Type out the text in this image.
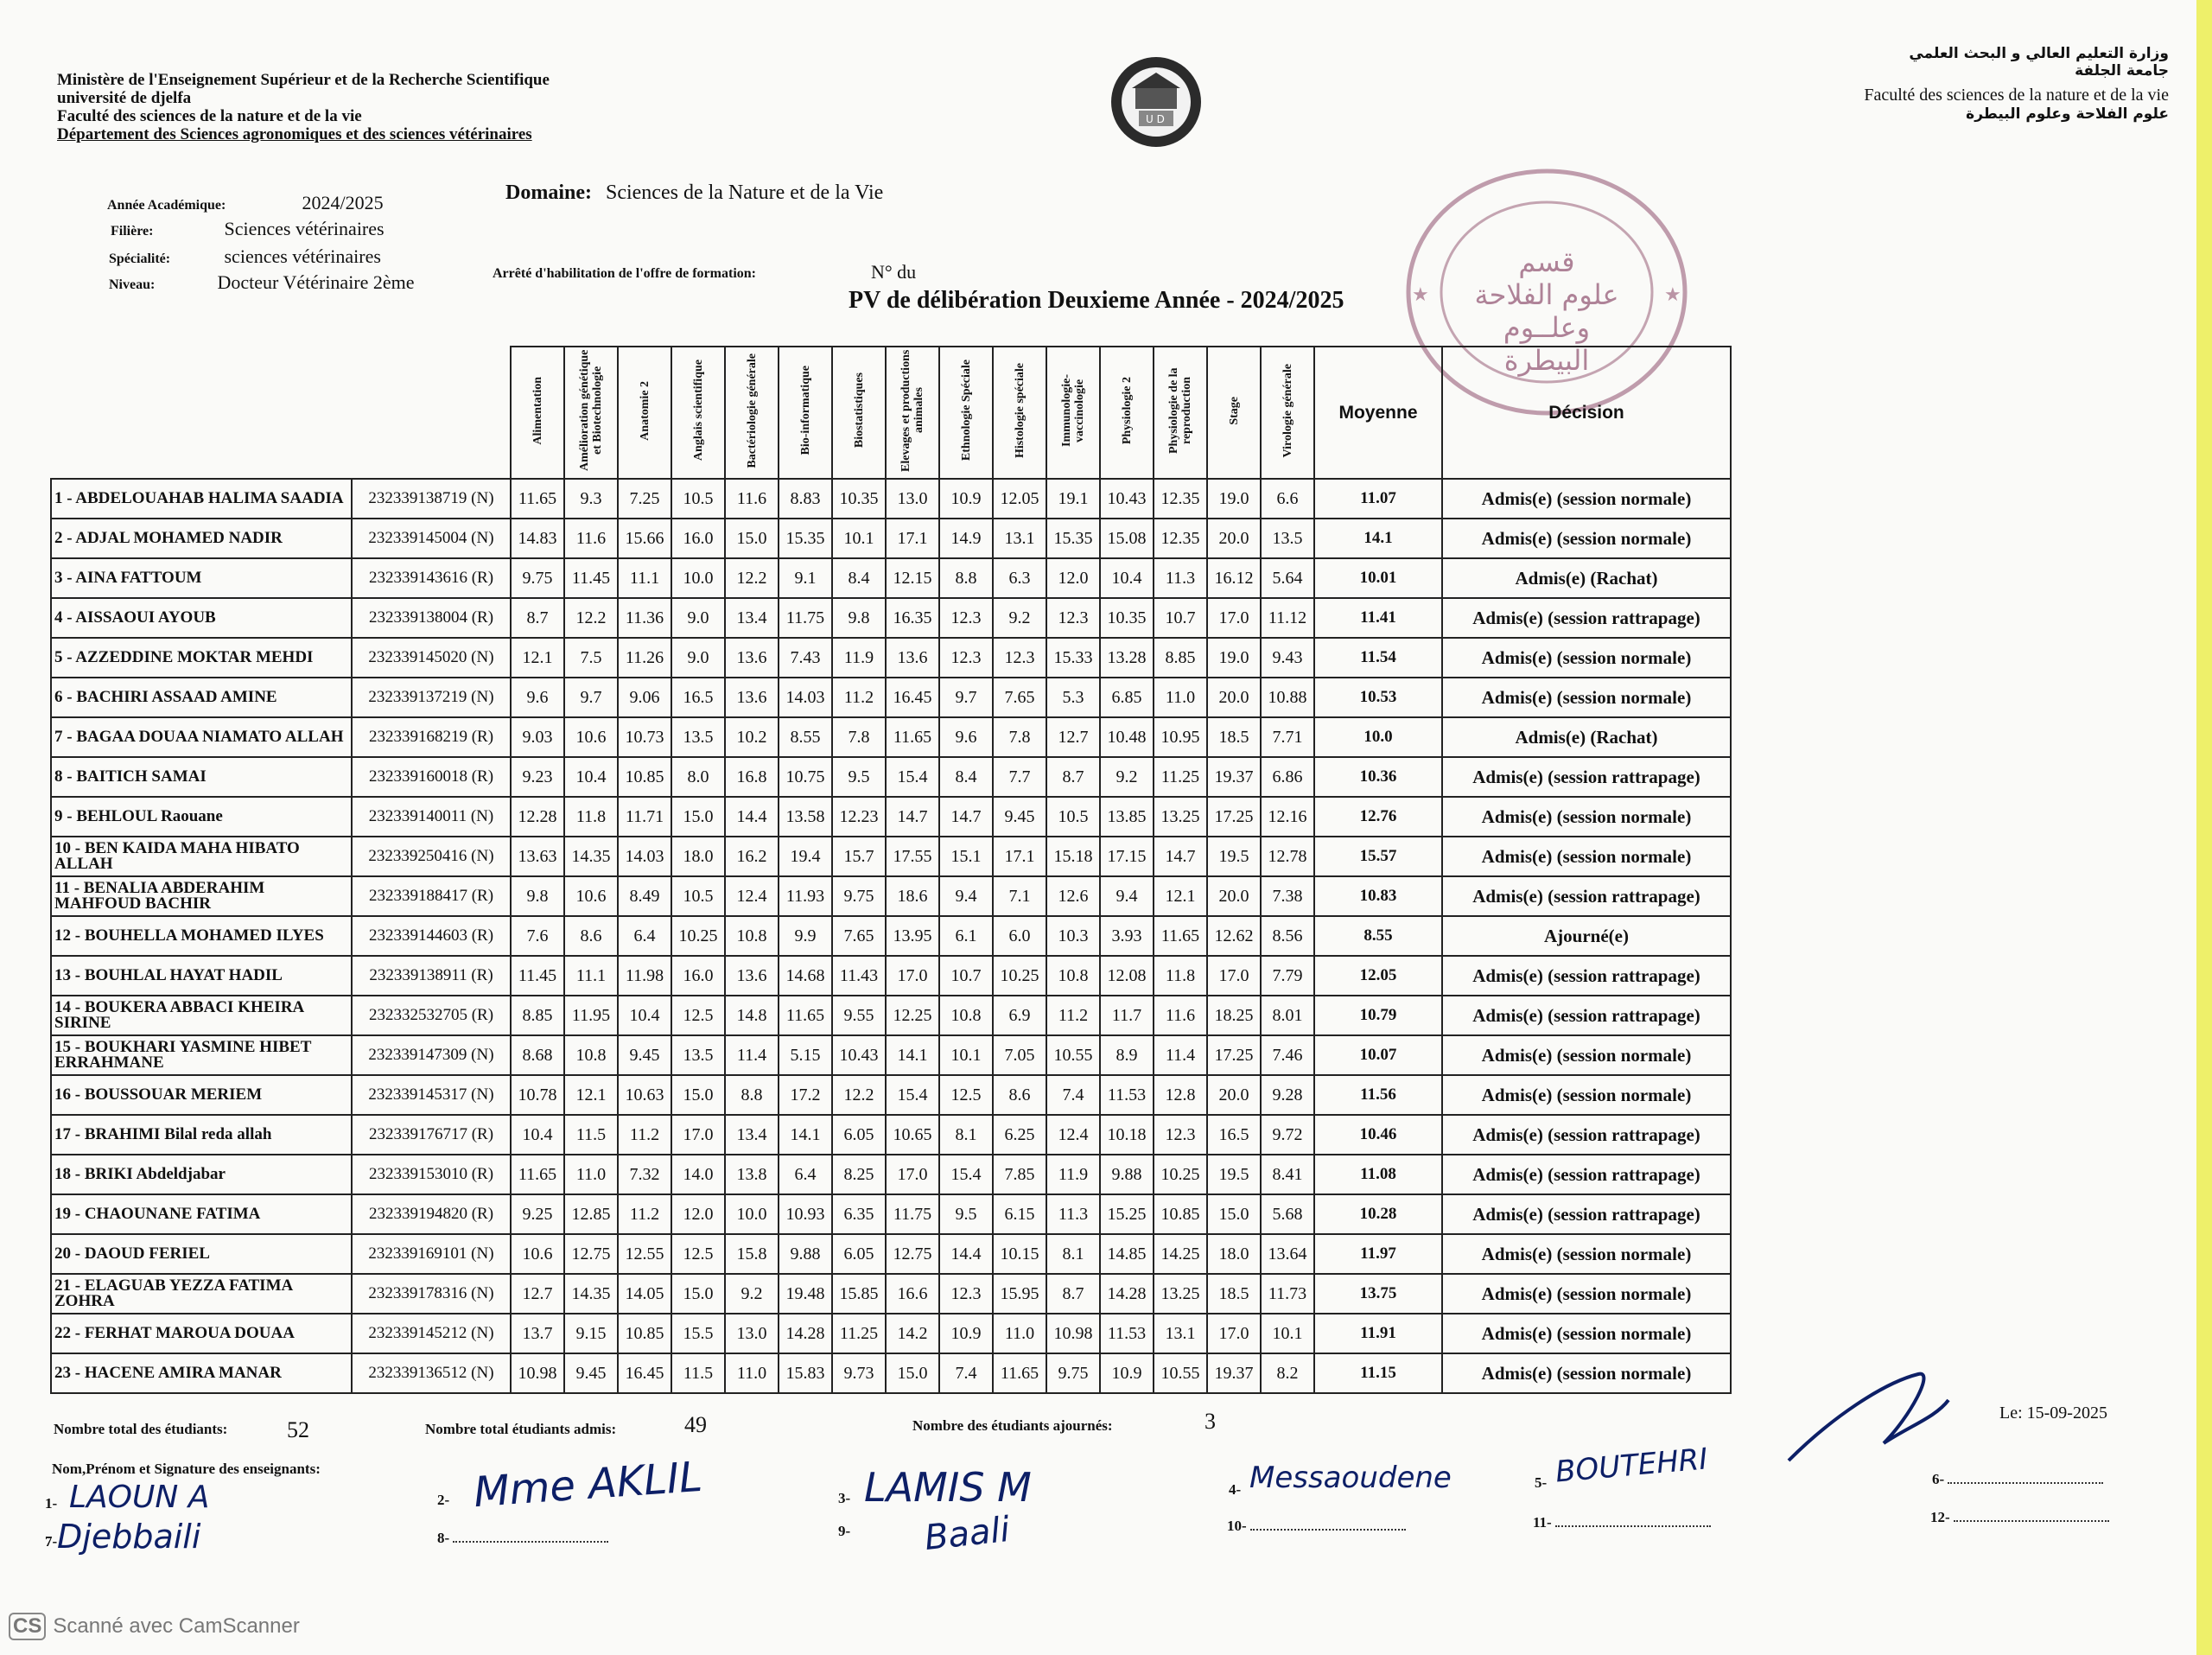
Ministère de l'Enseignement Supérieur et de la Recherche Scientifique
université de djelfa
Faculté des sciences de la nature et de la vie
Département des Sciences agronomiques et des sciences vétérinaires
U D
وزارة التعليم العالي و البحث العلمي
جامعة الجلفة
Faculté des sciences de la nature et de la vie
علوم الفلاحة وعلوم البيطرة
Année Académique:	2024/2025
Filière:	Sciences vétérinaires
Spécialité:	sciences vétérinaires
Niveau:	Docteur Vétérinaire 2ème
Domaine: Sciences de la Nature et de la Vie
Arrêté d'habilitation de l'offre de formation:	N° du
PV de délibération Deuxieme Année - 2024/2025	★	★
قسم
علوم الفلاحة
وعلــوم
البيطرة
		Alimentation	Amélioration génétique et Biotechnologie	Anatomie 2	Anglais scientifique	Bactériologie générale	Bio-informatique	Biostatistiques	Elevages et productions animales	Ethnologie Spéciale	Histologie spéciale	Immunologie-vaccinologie	Physiologie 2	Physiologie de la reproduction	Stage	Virologie générale	Moyenne	Décision
1 - ABDELOUAHAB HALIMA SAADIA	232339138719 (N)	11.65	9.3	7.25	10.5	11.6	8.83	10.35	13.0	10.9	12.05	19.1	10.43	12.35	19.0	6.6	11.07	Admis(e) (session normale)
2 - ADJAL MOHAMED NADIR	232339145004 (N)	14.83	11.6	15.66	16.0	15.0	15.35	10.1	17.1	14.9	13.1	15.35	15.08	12.35	20.0	13.5	14.1	Admis(e) (session normale)
3 - AINA FATTOUM	232339143616 (R)	9.75	11.45	11.1	10.0	12.2	9.1	8.4	12.15	8.8	6.3	12.0	10.4	11.3	16.12	5.64	10.01	Admis(e) (Rachat)
4 - AISSAOUI AYOUB	232339138004 (R)	8.7	12.2	11.36	9.0	13.4	11.75	9.8	16.35	12.3	9.2	12.3	10.35	10.7	17.0	11.12	11.41	Admis(e) (session rattrapage)
5 - AZZEDDINE MOKTAR MEHDI	232339145020 (N)	12.1	7.5	11.26	9.0	13.6	7.43	11.9	13.6	12.3	12.3	15.33	13.28	8.85	19.0	9.43	11.54	Admis(e) (session normale)
6 - BACHIRI ASSAAD AMINE	232339137219 (N)	9.6	9.7	9.06	16.5	13.6	14.03	11.2	16.45	9.7	7.65	5.3	6.85	11.0	20.0	10.88	10.53	Admis(e) (session normale)
7 - BAGAA DOUAA NIAMATO ALLAH	232339168219 (R)	9.03	10.6	10.73	13.5	10.2	8.55	7.8	11.65	9.6	7.8	12.7	10.48	10.95	18.5	7.71	10.0	Admis(e) (Rachat)
8 - BAITICH SAMAI	232339160018 (R)	9.23	10.4	10.85	8.0	16.8	10.75	9.5	15.4	8.4	7.7	8.7	9.2	11.25	19.37	6.86	10.36	Admis(e) (session rattrapage)
9 - BEHLOUL Raouane	232339140011 (N)	12.28	11.8	11.71	15.0	14.4	13.58	12.23	14.7	14.7	9.45	10.5	13.85	13.25	17.25	12.16	12.76	Admis(e) (session normale)
10 - BEN KAIDA MAHA HIBATO ALLAH	232339250416 (N)	13.63	14.35	14.03	18.0	16.2	19.4	15.7	17.55	15.1	17.1	15.18	17.15	14.7	19.5	12.78	15.57	Admis(e) (session normale)
11 - BENALIA ABDERAHIM MAHFOUD BACHIR	232339188417 (R)	9.8	10.6	8.49	10.5	12.4	11.93	9.75	18.6	9.4	7.1	12.6	9.4	12.1	20.0	7.38	10.83	Admis(e) (session rattrapage)
12 - BOUHELLA MOHAMED ILYES	232339144603 (R)	7.6	8.6	6.4	10.25	10.8	9.9	7.65	13.95	6.1	6.0	10.3	3.93	11.65	12.62	8.56	8.55	Ajourné(e)
13 - BOUHLAL HAYAT HADIL	232339138911 (R)	11.45	11.1	11.98	16.0	13.6	14.68	11.43	17.0	10.7	10.25	10.8	12.08	11.8	17.0	7.79	12.05	Admis(e) (session rattrapage)
14 - BOUKERA ABBACI KHEIRA SIRINE	232332532705 (R)	8.85	11.95	10.4	12.5	14.8	11.65	9.55	12.25	10.8	6.9	11.2	11.7	11.6	18.25	8.01	10.79	Admis(e) (session rattrapage)
15 - BOUKHARI YASMINE HIBET ERRAHMANE	232339147309 (N)	8.68	10.8	9.45	13.5	11.4	5.15	10.43	14.1	10.1	7.05	10.55	8.9	11.4	17.25	7.46	10.07	Admis(e) (session normale)
16 - BOUSSOUAR MERIEM	232339145317 (N)	10.78	12.1	10.63	15.0	8.8	17.2	12.2	15.4	12.5	8.6	7.4	11.53	12.8	20.0	9.28	11.56	Admis(e) (session normale)
17 - BRAHIMI Bilal reda allah	232339176717 (R)	10.4	11.5	11.2	17.0	13.4	14.1	6.05	10.65	8.1	6.25	12.4	10.18	12.3	16.5	9.72	10.46	Admis(e) (session rattrapage)
18 - BRIKI Abdeldjabar	232339153010 (R)	11.65	11.0	7.32	14.0	13.8	6.4	8.25	17.0	15.4	7.85	11.9	9.88	10.25	19.5	8.41	11.08	Admis(e) (session rattrapage)
19 - CHAOUNANE FATIMA	232339194820 (R)	9.25	12.85	11.2	12.0	10.0	10.93	6.35	11.75	9.5	6.15	11.3	15.25	10.85	15.0	5.68	10.28	Admis(e) (session rattrapage)
20 - DAOUD FERIEL	232339169101 (N)	10.6	12.75	12.55	12.5	15.8	9.88	6.05	12.75	14.4	10.15	8.1	14.85	14.25	18.0	13.64	11.97	Admis(e) (session normale)
21 - ELAGUAB YEZZA FATIMA ZOHRA	232339178316 (N)	12.7	14.35	14.05	15.0	9.2	19.48	15.85	16.6	12.3	15.95	8.7	14.28	13.25	18.5	11.73	13.75	Admis(e) (session normale)
22 - FERHAT MAROUA DOUAA	232339145212 (N)	13.7	9.15	10.85	15.5	13.0	14.28	11.25	14.2	10.9	11.0	10.98	11.53	13.1	17.0	10.1	11.91	Admis(e) (session normale)
23 - HACENE AMIRA MANAR	232339136512 (N)	10.98	9.45	16.45	11.5	11.0	15.83	9.73	15.0	7.4	11.65	9.75	10.9	10.55	19.37	8.2	11.15	Admis(e) (session normale)
Nombre total des étudiants:	52	Nombre total étudiants admis:	49	Nombre des étudiants ajournés:	3	Le: 15-09-2025
Nom,Prénom et Signature des enseignants:
1-	2-	3-
4-	5-	6-
7-	8-	9-	10-	11-	12-
LAOUN A	Mme AKLIL	LAMIS M	Messaoudene	BOUTEHRI
Djebbaili	Baali
CS Scanné avec CamScanner
